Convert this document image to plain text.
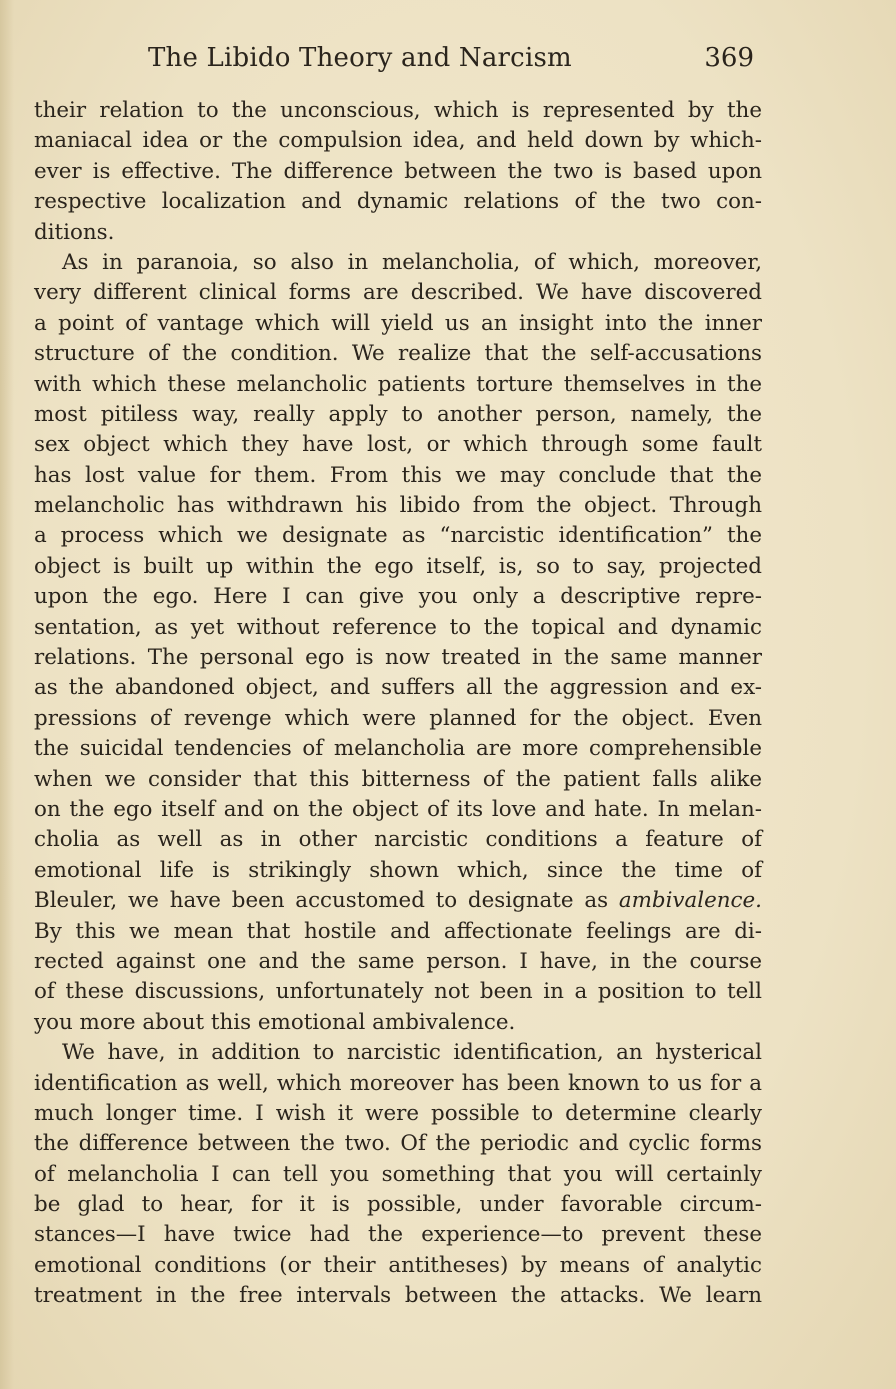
The Libido Theory and Narcism	369
their relation to the unconscious, which is represented by the
maniacal idea or the compulsion idea, and held down by which-
ever is effective. The difference between the two is based upon
respective localization and dynamic relations of the two con-
ditions.
As in paranoia, so also in melancholia, of which, moreover,
very different clinical forms are described. We have discovered
a point of vantage which will yield us an insight into the inner
structure of the condition. We realize that the self-accusations
with which these melancholic patients torture themselves in the
most pitiless way, really apply to another person, namely, the
sex object which they have lost, or which through some fault
has lost value for them. From this we may conclude that the
melancholic has withdrawn his libido from the object. Through
a process which we designate as “narcistic identification” the
object is built up within the ego itself, is, so to say, projected
upon the ego. Here I can give you only a descriptive repre-
sentation, as yet without reference to the topical and dynamic
relations. The personal ego is now treated in the same manner
as the abandoned object, and suffers all the aggression and ex-
pressions of revenge which were planned for the object. Even
the suicidal tendencies of melancholia are more comprehensible
when we consider that this bitterness of the patient falls alike
on the ego itself and on the object of its love and hate. In melan-
cholia as well as in other narcistic conditions a feature of
emotional life is strikingly shown which, since the time of
Bleuler, we have been accustomed to designate as ambivalence.
By this we mean that hostile and affectionate feelings are di-
rected against one and the same person. I have, in the course
of these discussions, unfortunately not been in a position to tell
you more about this emotional ambivalence.
We have, in addition to narcistic identification, an hysterical
identification as well, which moreover has been known to us for a
much longer time. I wish it were possible to determine clearly
the difference between the two. Of the periodic and cyclic forms
of melancholia I can tell you something that you will certainly
be glad to hear, for it is possible, under favorable circum-
stances—I have twice had the experience—to prevent these
emotional conditions (or their antitheses) by means of analytic
treatment in the free intervals between the attacks. We learn
